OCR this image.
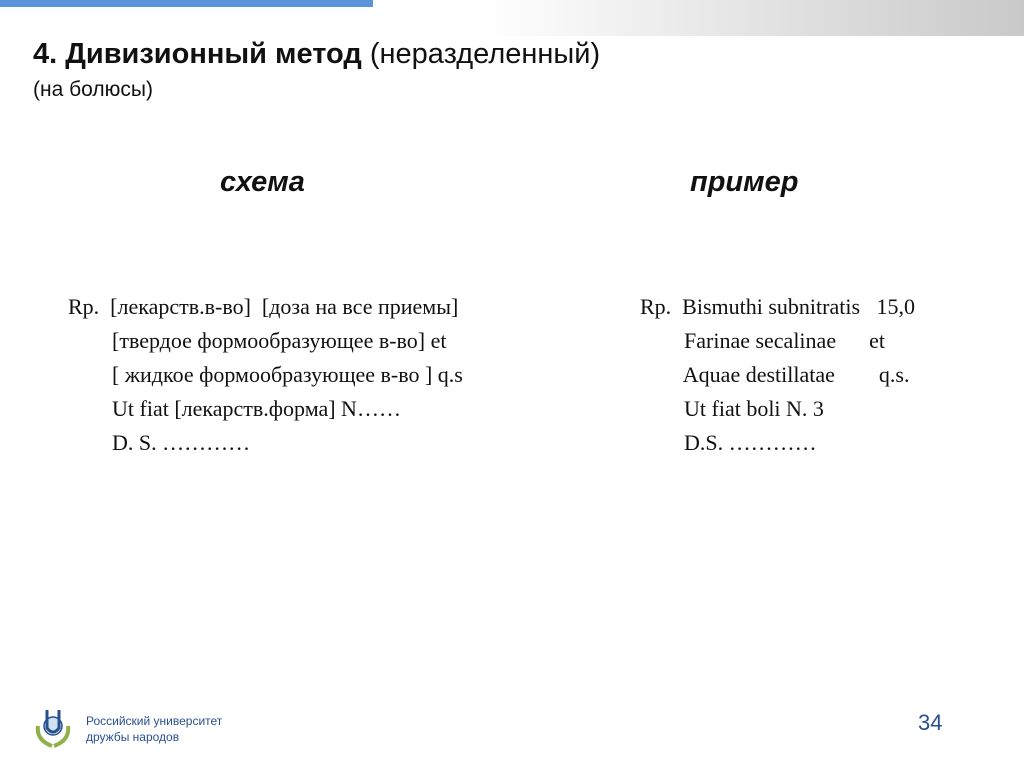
4. Дивизионный метод (неразделенный)
(на болюсы)
схема	пример

Rp.  [лекарств.в-во]  [доза на все приемы]
[твердое формообразующее в-во] et
[ жидкое формообразующее в-во ] q.s
Ut fiat [лекарств.форма] N……
D. S. …………

Rp.  Bismuthi subnitratis   15,0
Farinae secalinae      et
Aquae destillatae        q.s.
Ut fiat boli N. 3
D.S. …………

Российский университет
дружбы народов
34
